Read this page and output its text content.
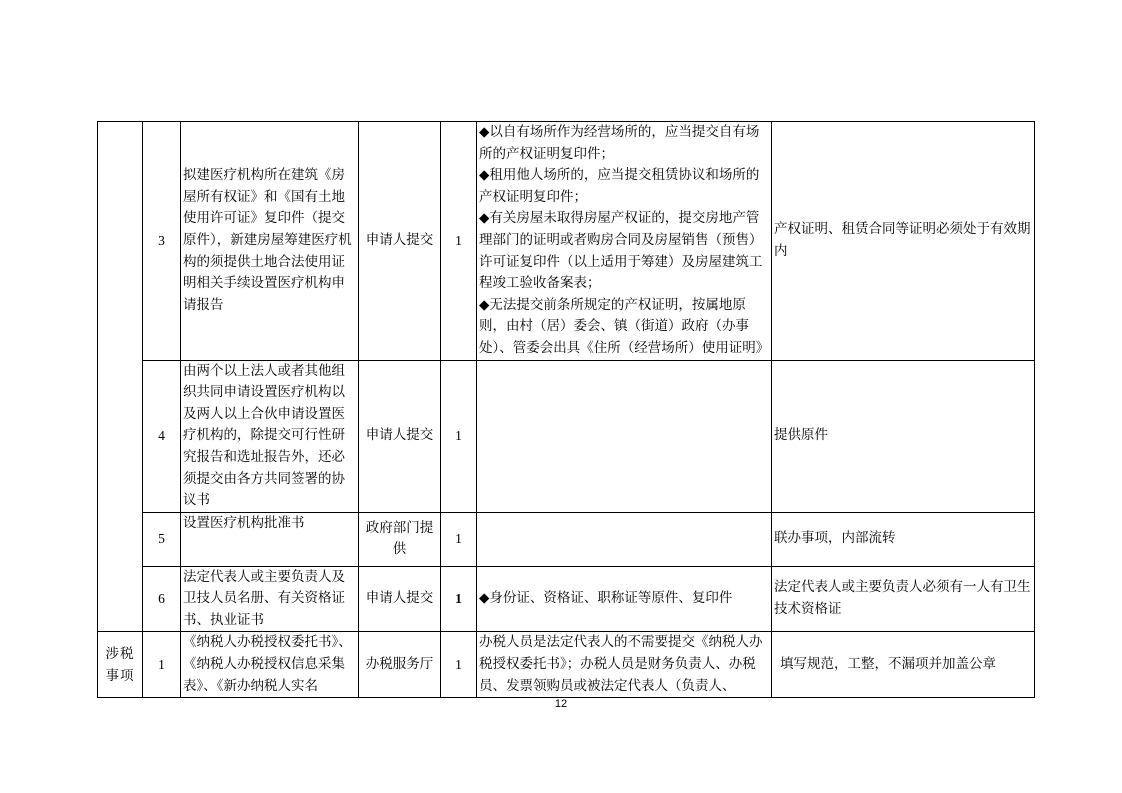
	3	拟建医疗机构所在建筑《房屋所有权证》和《国有土地使用许可证》复印件（提交原件），新建房屋筹建医疗机构的须提供土地合法使用证明相关手续设置医疗机构申请报告	申请人提交	1	◆以自有场所作为经营场所的，应当提交自有场所的产权证明复印件；

◆租用他人场所的，应当提交租赁协议和场所的产权证明复印件；

◆有关房屋未取得房屋产权证的，提交房地产管理部门的证明或者购房合同及房屋销售（预售）许可证复印件（以上适用于筹建）及房屋建筑工程竣工验收备案表；

◆无法提交前条所规定的产权证明，按属地原则，由村（居）委会、镇（街道）政府（办事处）、管委会出具《住所（经营场所）使用证明》	产权证明、租赁合同等证明必须处于有效期内
	4	由两个以上法人或者其他组织共同申请设置医疗机构以及两人以上合伙申请设置医疗机构的，除提交可行性研究报告和选址报告外，还必须提交由各方共同签署的协议书	申请人提交	1		提供原件
	5	设置医疗机构批准书	政府部门提供	1		联办事项，内部流转
	6	法定代表人或主要负责人及卫技人员名册、有关资格证书、执业证书	申请人提交	1	◆身份证、资格证、职称证等原件、复印件	法定代表人或主要负责人必须有一人有卫生技术资格证
涉税事项	1	《纳税人办税授权委托书》、《纳税人办税授权信息采集表》、《新办纳税人实名	办税服务厅	1	办税人员是法定代表人的不需要提交《纳税人办税授权委托书》；办税人员是财务负责人、办税员、发票领购员或被法定代表人（负责人、	填写规范，工整，不漏项并加盖公章
12
